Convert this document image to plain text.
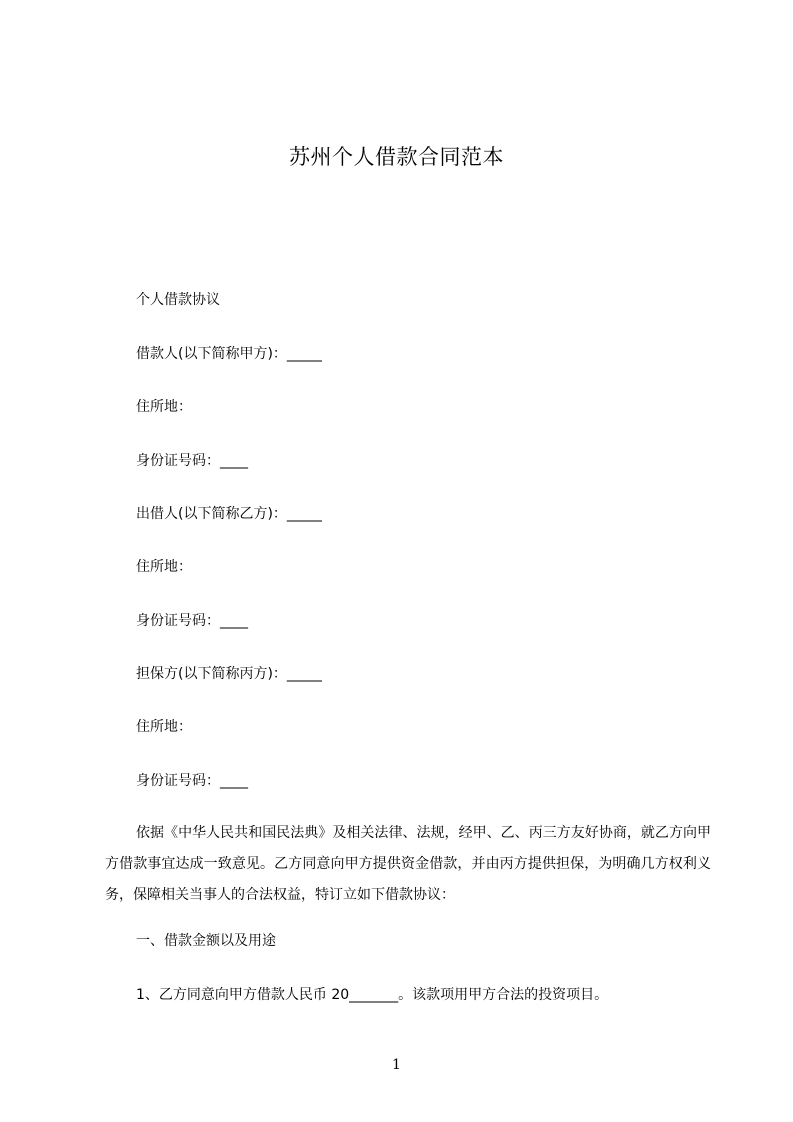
苏州个人借款合同范本

个人借款协议

借款人(以下简称甲方)：_____

住所地：

身份证号码：____

出借人(以下简称乙方)：_____

住所地：

身份证号码：____

担保方(以下简称丙方)：_____

住所地：

身份证号码：____

依据《中华人民共和国民法典》及相关法律、法规，经甲、乙、丙三方友好协商，就乙方向甲方借款事宜达成一致意见。乙方同意向甲方提供资金借款，并由丙方提供担保，为明确几方权利义务，保障相关当事人的合法权益，特订立如下借款协议：

一、借款金额以及用途

1、乙方同意向甲方借款人民币 20_______。该款项用甲方合法的投资项目。

1
